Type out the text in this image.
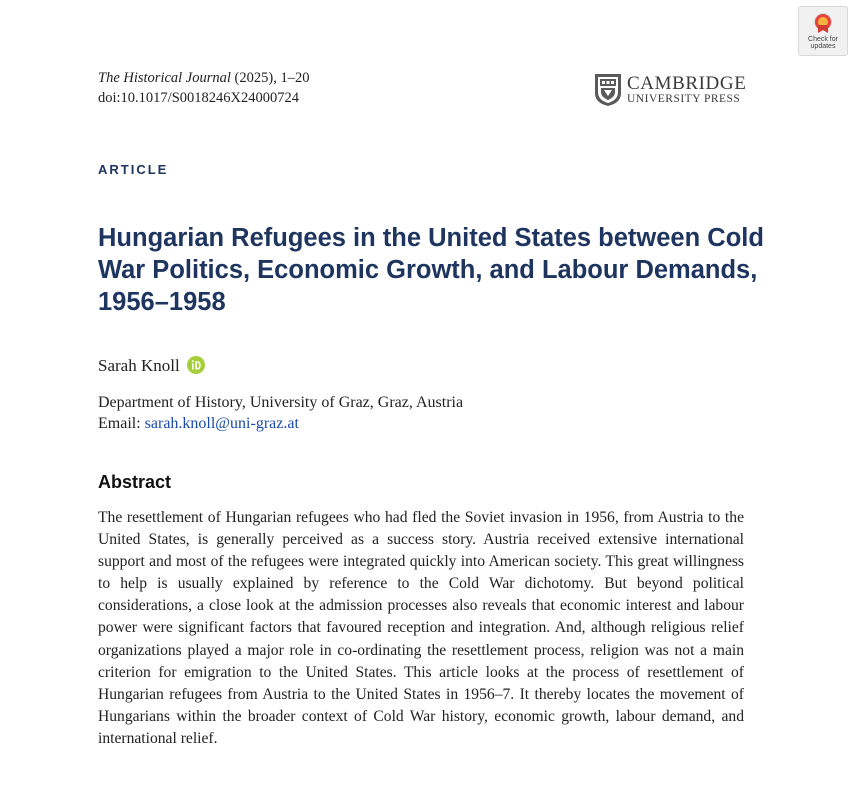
Check for updates
The Historical Journal (2025), 1–20
doi:10.1017/S0018246X24000724
CAMBRIDGE
UNIVERSITY PRESS
ARTICLE
Hungarian Refugees in the United States between Cold War Politics, Economic Growth, and Labour Demands, 1956–1958
Sarah Knoll
Department of History, University of Graz, Graz, Austria
Email: sarah.knoll@uni-graz.at
Abstract

The resettlement of Hungarian refugees who had fled the Soviet invasion in 1956, from Austria to the United States, is generally perceived as a success story. Austria received extensive international support and most of the refugees were integrated quickly into American society. This great willingness to help is usually explained by reference to the Cold War dichotomy. But beyond political considerations, a close look at the admission processes also reveals that economic interest and labour power were significant factors that favoured reception and integration. And, although religious relief organizations played a major role in co-ordinating the resettlement process, religion was not a main criterion for emigration to the United States. This article looks at the process of resettlement of Hungarian refugees from Austria to the United States in 1956–7. It thereby locates the movement of Hungarians within the broader context of Cold War history, economic growth, labour demand, and international relief.
